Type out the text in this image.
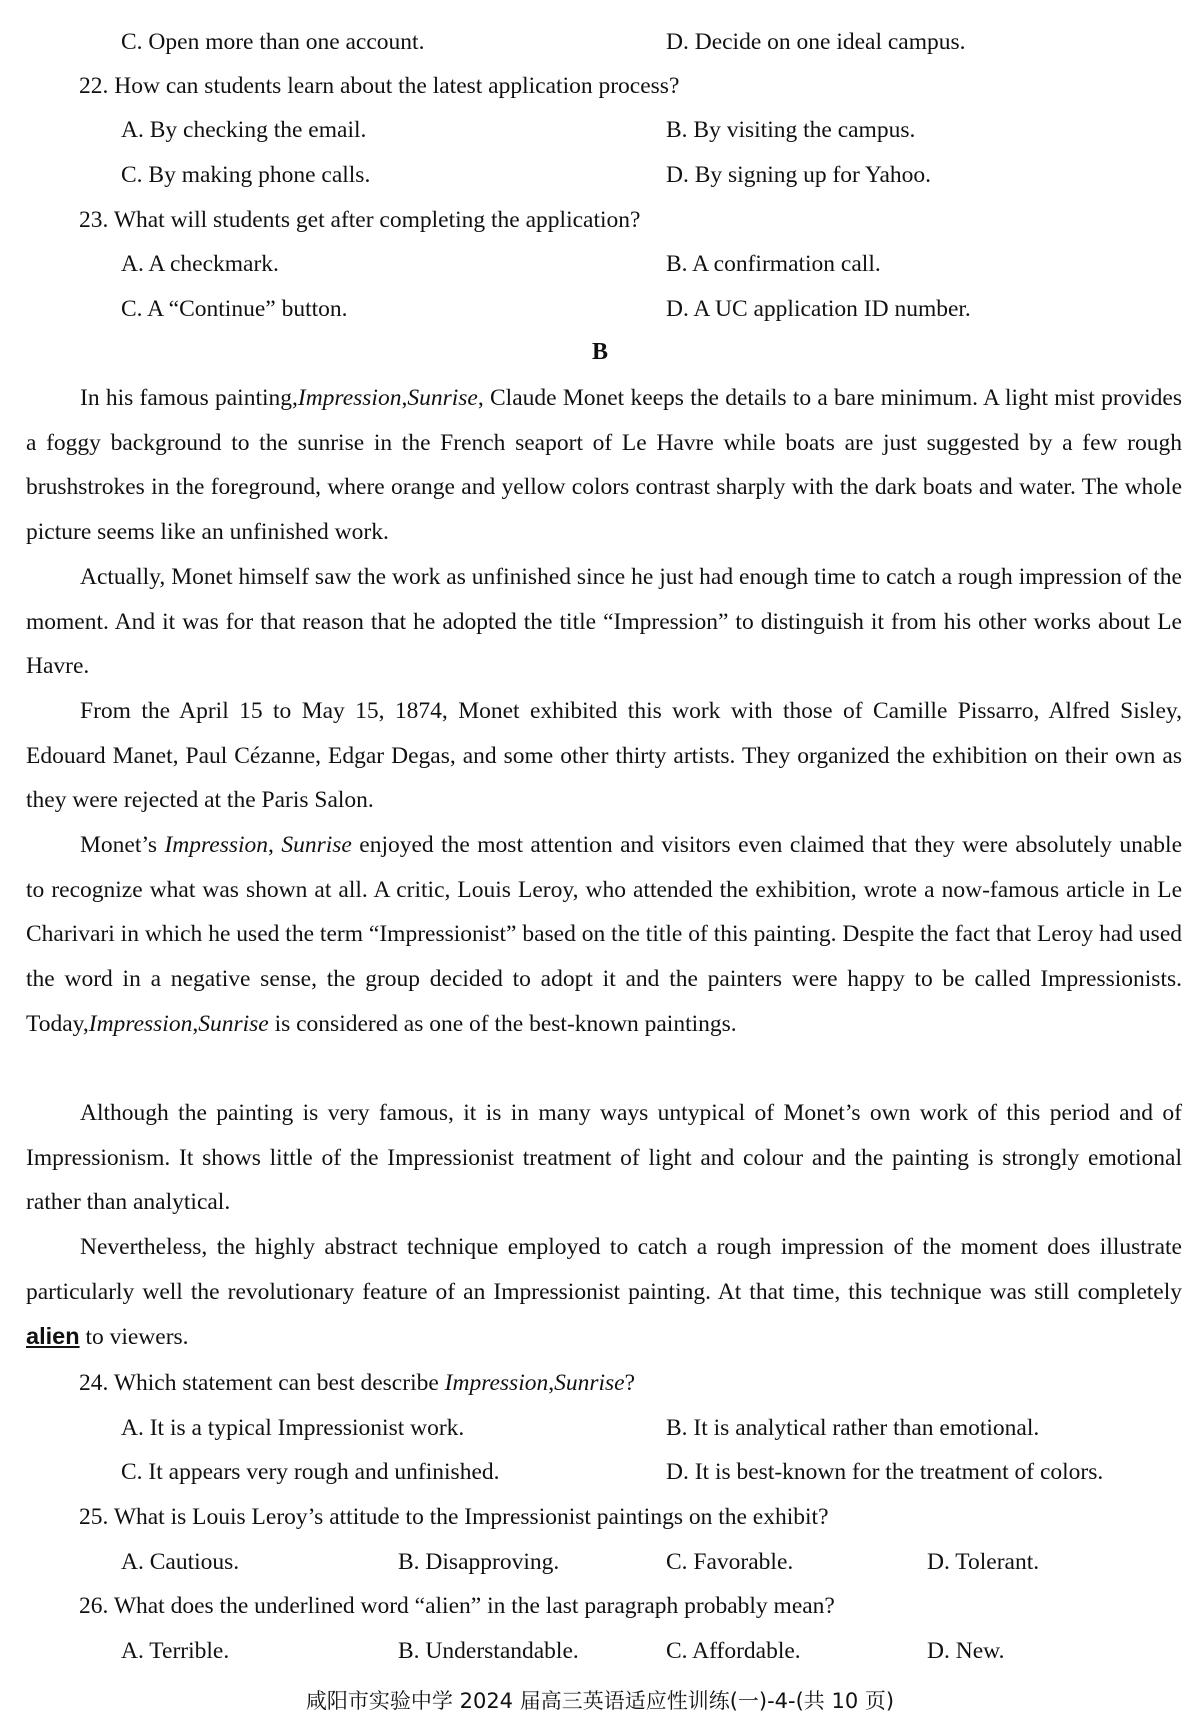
C. Open more than one account.	D. Decide on one ideal campus.
22. How can students learn about the latest application process?
A. By checking the email.	B. By visiting the campus.
C. By making phone calls.	D. By signing up for Yahoo.
23. What will students get after completing the application?
A. A checkmark.	B. A confirmation call.
C. A “Continue” button.	D. A UC application ID number.
B
In his famous painting,Impression,Sunrise, Claude Monet keeps the details to a bare minimum. A light mist provides a foggy background to the sunrise in the French seaport of Le Havre while boats are just suggested by a few rough brushstrokes in the foreground, where orange and yellow colors contrast sharply with the dark boats and water. The whole picture seems like an unfinished work.
Actually, Monet himself saw the work as unfinished since he just had enough time to catch a rough impression of the moment. And it was for that reason that he adopted the title “Impression” to distinguish it from his other works about Le Havre.
From the April 15 to May 15, 1874, Monet exhibited this work with those of Camille Pissarro, Alfred Sisley, Edouard Manet, Paul Cézanne, Edgar Degas, and some other thirty artists. They organized the exhibition on their own as they were rejected at the Paris Salon.
Monet’s Impression, Sunrise enjoyed the most attention and visitors even claimed that they were absolutely unable to recognize what was shown at all. A critic, Louis Leroy, who attended the exhibition, wrote a now-famous article in Le Charivari in which he used the term “Impressionist” based on the title of this painting. Despite the fact that Leroy had used the word in a negative sense, the group decided to adopt it and the painters were happy to be called Impressionists. Today,Impression,Sunrise is considered as one of the best-known paintings.
Although the painting is very famous, it is in many ways untypical of Monet’s own work of this period and of Impressionism. It shows little of the Impressionist treatment of light and colour and the painting is strongly emotional rather than analytical.
Nevertheless, the highly abstract technique employed to catch a rough impression of the moment does illustrate particularly well the revolutionary feature of an Impressionist painting. At that time, this technique was still completely alien to viewers.
24. Which statement can best describe Impression,Sunrise?
A. It is a typical Impressionist work.	B. It is analytical rather than emotional.
C. It appears very rough and unfinished.	D. It is best-known for the treatment of colors.
25. What is Louis Leroy’s attitude to the Impressionist paintings on the exhibit?
A. Cautious.	B. Disapproving.	C. Favorable.	D. Tolerant.
26. What does the underlined word “alien” in the last paragraph probably mean?
A. Terrible.	B. Understandable.	C. Affordable.	D. New.
咸阳市实验中学 2024 届高三英语适应性训练(一)-4-(共 10 页)
